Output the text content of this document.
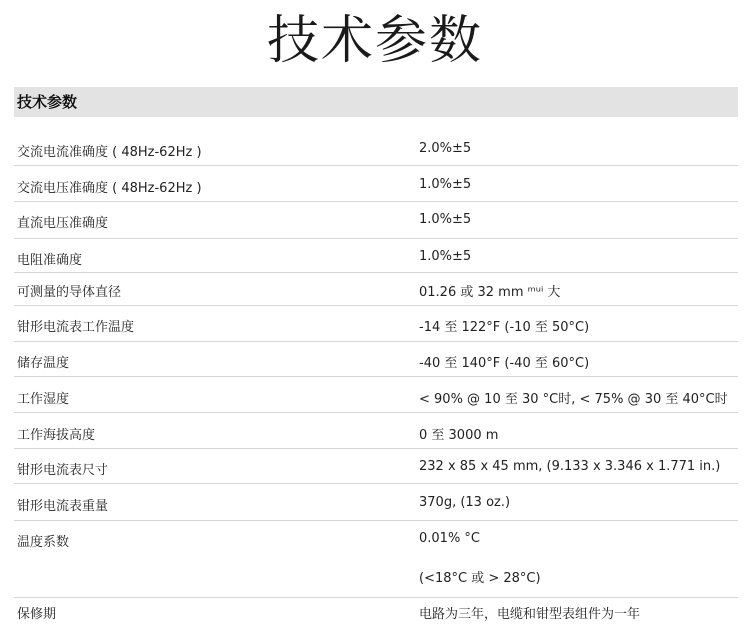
技术参数
技术参数
交流电流准确度 ( 48Hz-62Hz )	2.0%±5
交流电压准确度 ( 48Hz-62Hz )	1.0%±5
直流电压准确度	1.0%±5
电阻准确度	1.0%±5
可测量的导体直径	01.26 或 32 mm ᵐᵘⁱ 大
钳形电流表工作温度	-14 至 122°F (-10 至 50°C)
储存温度	-40 至 140°F (-40 至 60°C)
工作湿度	< 90% @ 10 至 30 °C时, < 75% @ 30 至 40°C时
工作海拔高度	0 至 3000 m
钳形电流表尺寸	232 x 85 x 45 mm, (9.133 x 3.346 x 1.771 in.)
钳形电流表重量	370g, (13 oz.)
温度系数	0.01% °C
(<18°C 或 > 28°C)
保修期	电路为三年，电缆和钳型表组件为一年
